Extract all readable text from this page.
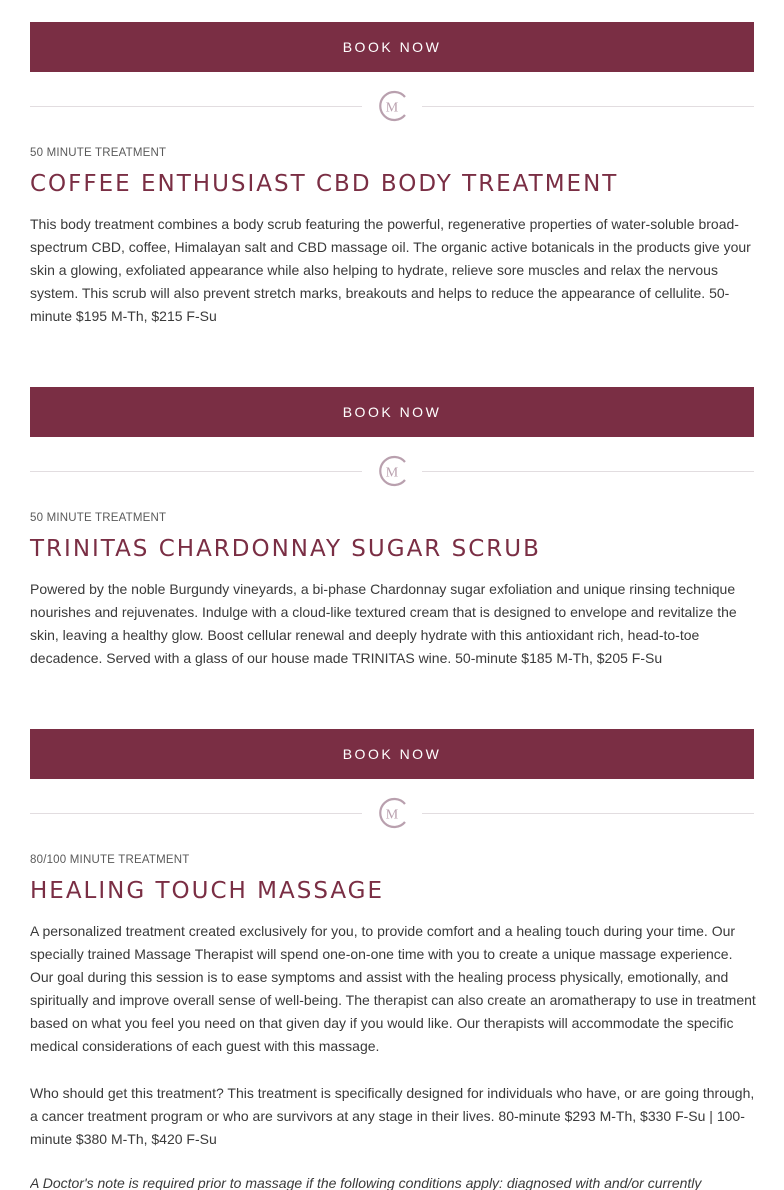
BOOK NOW
M
50 MINUTE TREATMENT
COFFEE ENTHUSIAST CBD BODY TREATMENT

This body treatment combines a body scrub featuring the powerful, regenerative properties of water-soluble broad-spectrum CBD, coffee, Himalayan salt and CBD massage oil. The organic active botanicals in the products give your skin a glowing, exfoliated appearance while also helping to hydrate, relieve sore muscles and relax the nervous system. This scrub will also prevent stretch marks, breakouts and helps to reduce the appearance of cellulite. 50-minute $195 M-Th, $215 F-Su

BOOK NOW
M
50 MINUTE TREATMENT
TRINITAS CHARDONNAY SUGAR SCRUB

Powered by the noble Burgundy vineyards, a bi-phase Chardonnay sugar exfoliation and unique rinsing technique nourishes and rejuvenates. Indulge with a cloud-like textured cream that is designed to envelope and revitalize the skin, leaving a healthy glow. Boost cellular renewal and deeply hydrate with this antioxidant rich, head-to-toe decadence. Served with a glass of our house made TRINITAS wine. 50-minute $185 M-Th, $205 F-Su

BOOK NOW
M
80/100 MINUTE TREATMENT
HEALING TOUCH MASSAGE

A personalized treatment created exclusively for you, to provide comfort and a healing touch during your time. Our specially trained Massage Therapist will spend one-on-one time with you to create a unique massage experience. Our goal during this session is to ease symptoms and assist with the healing process physically, emotionally, and spiritually and improve overall sense of well-being. The therapist can also create an aromatherapy to use in treatment based on what you feel you need on that given day if you would like. Our therapists will accommodate the specific medical considerations of each guest with this massage.

Who should get this treatment? This treatment is specifically designed for individuals who have, or are going through, a cancer treatment program or who are survivors at any stage in their lives. 80-minute $293 M-Th, $330 F-Su | 100-minute $380 M-Th, $420 F-Su

A Doctor's note is required prior to massage if the following conditions apply: diagnosed with and/or currently
